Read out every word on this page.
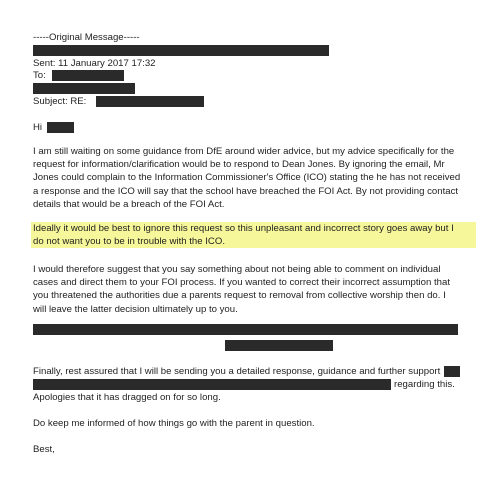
-----Original Message-----
Sent: 11 January 2017 17:32
To:
Subject: RE:
Hi
I am still waiting on some guidance from DfE around wider advice, but my advice specifically for the
request for information/clarification would be to respond to Dean Jones. By ignoring the email, Mr
Jones could complain to the Information Commissioner's Office (ICO) stating the he has not received
a response and the ICO will say that the school have breached the FOI Act. By not providing contact
details that would be a breach of the FOI Act.
Ideally it would be best to ignore this request so this unpleasant and incorrect story goes away but I
do not want you to be in trouble with the ICO.
I would therefore suggest that you say something about not being able to comment on individual
cases and direct them to your FOI process. If you wanted to correct their incorrect assumption that
you threatened the authorities due a parents request to removal from collective worship then do. I
will leave the latter decision ultimately up to you.
Finally, rest assured that I will be sending you a detailed response, guidance and further support
regarding this.
Apologies that it has dragged on for so long.
Do keep me informed of how things go with the parent in question.
Best,
